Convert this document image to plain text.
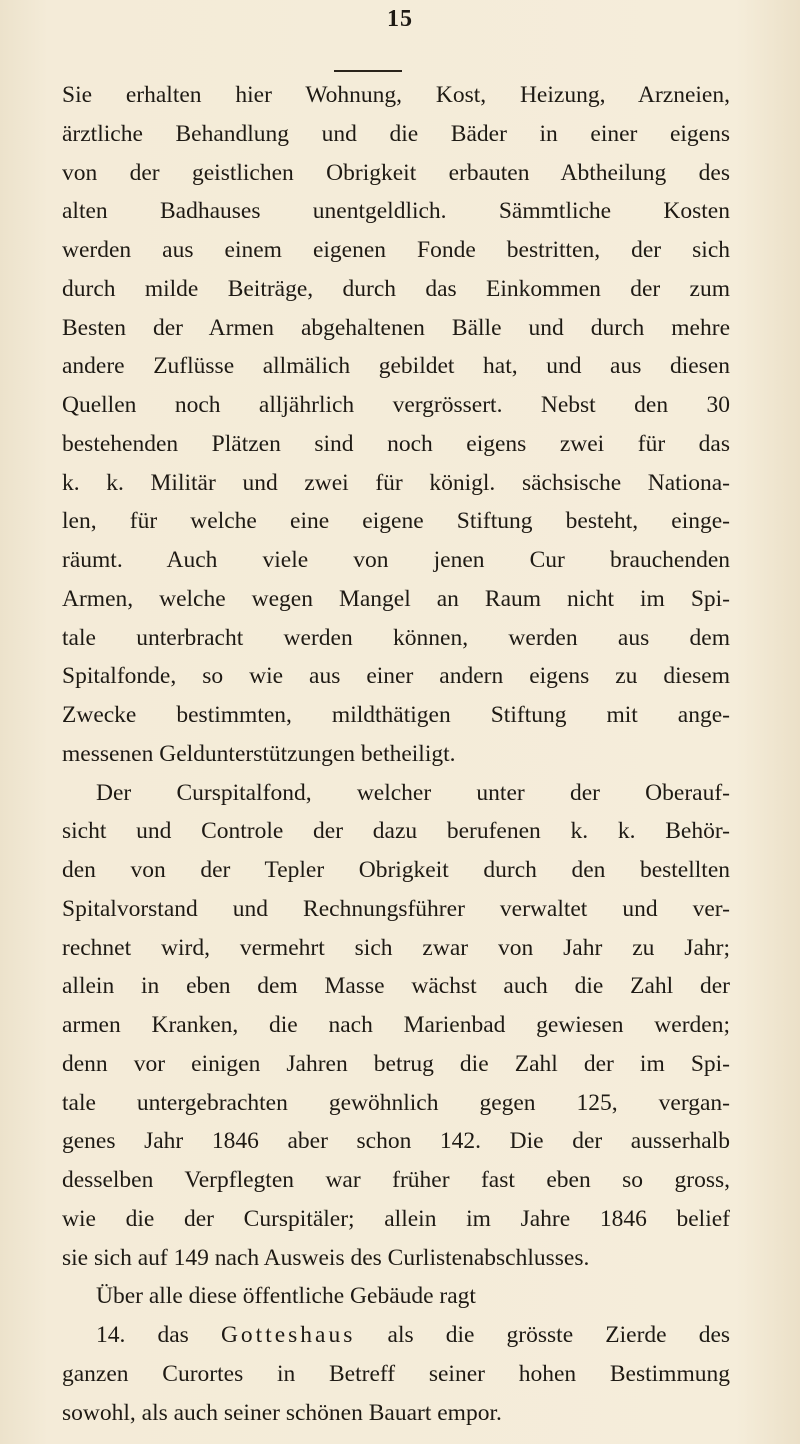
15
Sie erhalten hier Wohnung, Kost, Heizung, Arzneien,
ärztliche Behandlung und die Bäder in einer eigens
von der geistlichen Obrigkeit erbauten Abtheilung des
alten Badhauses unentgeldlich. Sämmtliche Kosten
werden aus einem eigenen Fonde bestritten, der sich
durch milde Beiträge, durch das Einkommen der zum
Besten der Armen abgehaltenen Bälle und durch mehre
andere Zuflüsse allmälich gebildet hat, und aus diesen
Quellen noch alljährlich vergrössert. Nebst den 30
bestehenden Plätzen sind noch eigens zwei für das
k. k. Militär und zwei für königl. sächsische Nationa-
len, für welche eine eigene Stiftung besteht, einge-
räumt. Auch viele von jenen Cur brauchenden
Armen, welche wegen Mangel an Raum nicht im Spi-
tale unterbracht werden können, werden aus dem
Spitalfonde, so wie aus einer andern eigens zu diesem
Zwecke bestimmten, mildthätigen Stiftung mit ange-
messenen Geldunterstützungen betheiligt.
Der Curspitalfond, welcher unter der Oberauf-
sicht und Controle der dazu berufenen k. k. Behör-
den von der Tepler Obrigkeit durch den bestellten
Spitalvorstand und Rechnungsführer verwaltet und ver-
rechnet wird, vermehrt sich zwar von Jahr zu Jahr;
allein in eben dem Masse wächst auch die Zahl der
armen Kranken, die nach Marienbad gewiesen werden;
denn vor einigen Jahren betrug die Zahl der im Spi-
tale untergebrachten gewöhnlich gegen 125, vergan-
genes Jahr 1846 aber schon 142. Die der ausserhalb
desselben Verpflegten war früher fast eben so gross,
wie die der Curspitäler; allein im Jahre 1846 belief
sie sich auf 149 nach Ausweis des Curlistenabschlusses.
Über alle diese öffentliche Gebäude ragt
14. das Gotteshaus als die grösste Zierde des
ganzen Curortes in Betreff seiner hohen Bestimmung
sowohl, als auch seiner schönen Bauart empor.
